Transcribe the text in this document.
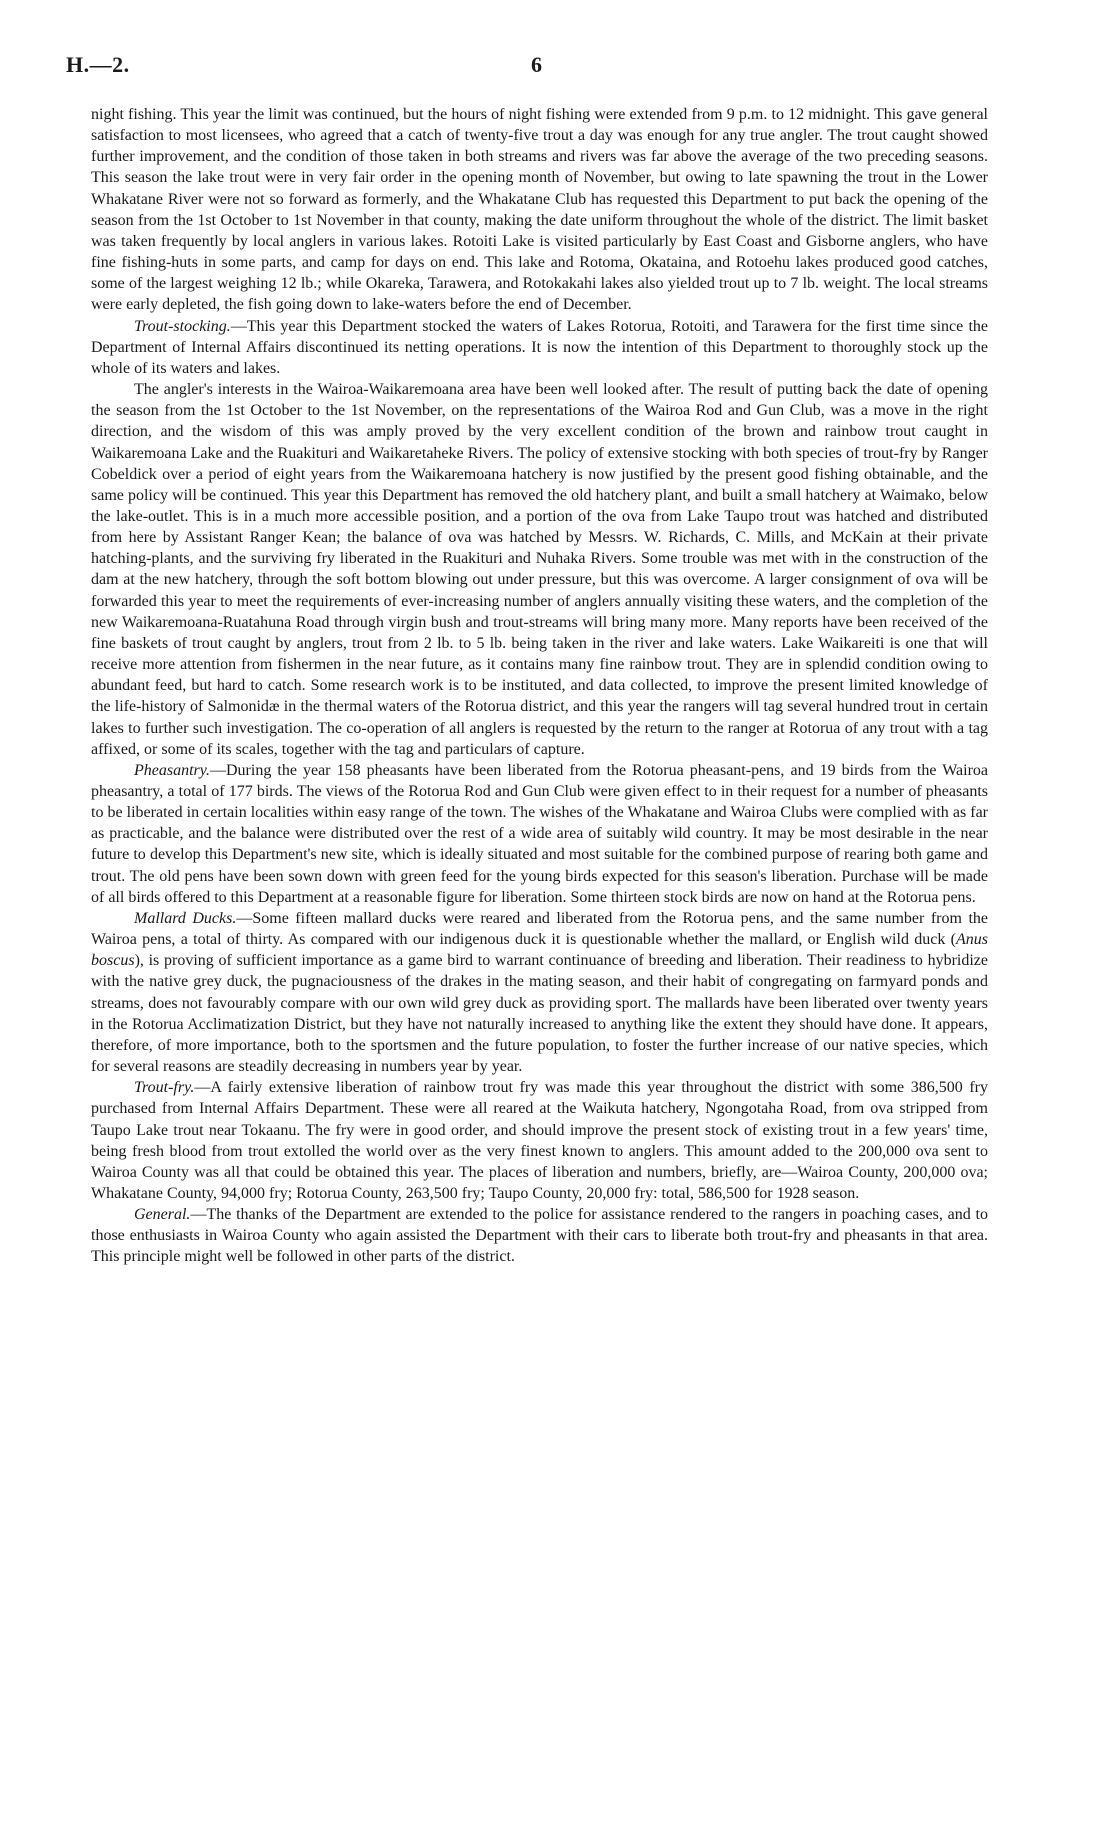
H.—2.	6

night fishing. This year the limit was continued, but the hours of night fishing were extended from 9 p.m. to 12 midnight. This gave general satisfaction to most licensees, who agreed that a catch of twenty-five trout a day was enough for any true angler. The trout caught showed further improvement, and the condition of those taken in both streams and rivers was far above the average of the two preceding seasons. This season the lake trout were in very fair order in the opening month of November, but owing to late spawning the trout in the Lower Whakatane River were not so forward as formerly, and the Whakatane Club has requested this Department to put back the opening of the season from the 1st October to 1st November in that county, making the date uniform throughout the whole of the district. The limit basket was taken frequently by local anglers in various lakes. Rotoiti Lake is visited particularly by East Coast and Gisborne anglers, who have fine fishing-huts in some parts, and camp for days on end. This lake and Rotoma, Okataina, and Rotoehu lakes produced good catches, some of the largest weighing 12 lb.; while Okareka, Tarawera, and Rotokakahi lakes also yielded trout up to 7 lb. weight. The local streams were early depleted, the fish going down to lake-waters before the end of December.

Trout-stocking.—This year this Department stocked the waters of Lakes Rotorua, Rotoiti, and Tarawera for the first time since the Department of Internal Affairs discontinued its netting operations. It is now the intention of this Department to thoroughly stock up the whole of its waters and lakes.

The angler's interests in the Wairoa-Waikaremoana area have been well looked after. The result of putting back the date of opening the season from the 1st October to the 1st November, on the representations of the Wairoa Rod and Gun Club, was a move in the right direction, and the wisdom of this was amply proved by the very excellent condition of the brown and rainbow trout caught in Waikaremoana Lake and the Ruakituri and Waikaretaheke Rivers. The policy of extensive stocking with both species of trout-fry by Ranger Cobeldick over a period of eight years from the Waikaremoana hatchery is now justified by the present good fishing obtainable, and the same policy will be continued. This year this Department has removed the old hatchery plant, and built a small hatchery at Waimako, below the lake-outlet. This is in a much more accessible position, and a portion of the ova from Lake Taupo trout was hatched and distributed from here by Assistant Ranger Kean; the balance of ova was hatched by Messrs. W. Richards, C. Mills, and McKain at their private hatching-plants, and the surviving fry liberated in the Ruakituri and Nuhaka Rivers. Some trouble was met with in the construction of the dam at the new hatchery, through the soft bottom blowing out under pressure, but this was overcome. A larger consignment of ova will be forwarded this year to meet the requirements of ever-increasing number of anglers annually visiting these waters, and the completion of the new Waikaremoana-Ruatahuna Road through virgin bush and trout-streams will bring many more. Many reports have been received of the fine baskets of trout caught by anglers, trout from 2 lb. to 5 lb. being taken in the river and lake waters. Lake Waikareiti is one that will receive more attention from fishermen in the near future, as it contains many fine rainbow trout. They are in splendid condition owing to abundant feed, but hard to catch. Some research work is to be instituted, and data collected, to improve the present limited knowledge of the life-history of Salmonidæ in the thermal waters of the Rotorua district, and this year the rangers will tag several hundred trout in certain lakes to further such investigation. The co-operation of all anglers is requested by the return to the ranger at Rotorua of any trout with a tag affixed, or some of its scales, together with the tag and particulars of capture.

Pheasantry.—During the year 158 pheasants have been liberated from the Rotorua pheasant-pens, and 19 birds from the Wairoa pheasantry, a total of 177 birds. The views of the Rotorua Rod and Gun Club were given effect to in their request for a number of pheasants to be liberated in certain localities within easy range of the town. The wishes of the Whakatane and Wairoa Clubs were complied with as far as practicable, and the balance were distributed over the rest of a wide area of suitably wild country. It may be most desirable in the near future to develop this Department's new site, which is ideally situated and most suitable for the combined purpose of rearing both game and trout. The old pens have been sown down with green feed for the young birds expected for this season's liberation. Purchase will be made of all birds offered to this Department at a reasonable figure for liberation. Some thirteen stock birds are now on hand at the Rotorua pens.

Mallard Ducks.—Some fifteen mallard ducks were reared and liberated from the Rotorua pens, and the same number from the Wairoa pens, a total of thirty. As compared with our indigenous duck it is questionable whether the mallard, or English wild duck (Anus boscus), is proving of sufficient importance as a game bird to warrant continuance of breeding and liberation. Their readiness to hybridize with the native grey duck, the pugnaciousness of the drakes in the mating season, and their habit of congregating on farmyard ponds and streams, does not favourably compare with our own wild grey duck as providing sport. The mallards have been liberated over twenty years in the Rotorua Acclimatization District, but they have not naturally increased to anything like the extent they should have done. It appears, therefore, of more importance, both to the sportsmen and the future population, to foster the further increase of our native species, which for several reasons are steadily decreasing in numbers year by year.

Trout-fry.—A fairly extensive liberation of rainbow trout fry was made this year throughout the district with some 386,500 fry purchased from Internal Affairs Department. These were all reared at the Waikuta hatchery, Ngongotaha Road, from ova stripped from Taupo Lake trout near Tokaanu. The fry were in good order, and should improve the present stock of existing trout in a few years' time, being fresh blood from trout extolled the world over as the very finest known to anglers. This amount added to the 200,000 ova sent to Wairoa County was all that could be obtained this year. The places of liberation and numbers, briefly, are—Wairoa County, 200,000 ova; Whakatane County, 94,000 fry; Rotorua County, 263,500 fry; Taupo County, 20,000 fry: total, 586,500 for 1928 season.

General.—The thanks of the Department are extended to the police for assistance rendered to the rangers in poaching cases, and to those enthusiasts in Wairoa County who again assisted the Department with their cars to liberate both trout-fry and pheasants in that area. This principle might well be followed in other parts of the district.
